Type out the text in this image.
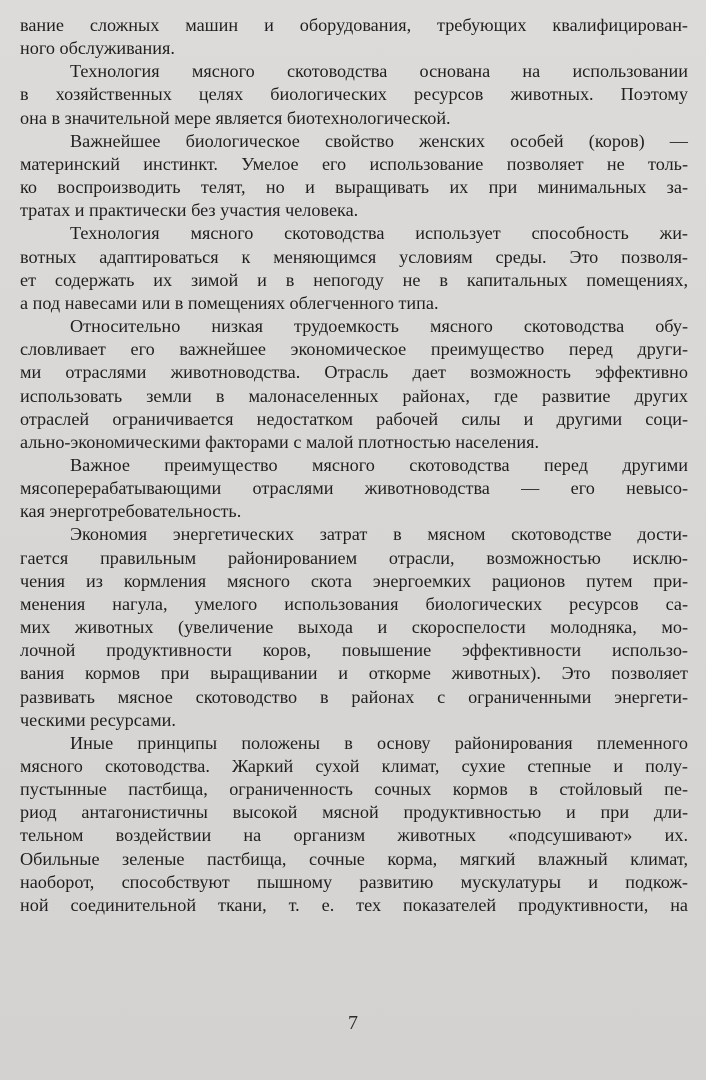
вание сложных машин и оборудования, требующих квалифицирован-
ного обслуживания.
Технология мясного скотоводства основана на использовании
в хозяйственных целях биологических ресурсов животных. Поэтому
она в значительной мере является биотехнологической.
Важнейшее биологическое свойство женских особей (коров) —
материнский инстинкт. Умелое его использование позволяет не толь-
ко воспроизводить телят, но и выращивать их при минимальных за-
тратах и практически без участия человека.
Технология мясного скотоводства использует способность жи-
вотных адаптироваться к меняющимся условиям среды. Это позволя-
ет содержать их зимой и в непогоду не в капитальных помещениях,
а под навесами или в помещениях облегченного типа.
Относительно низкая трудоемкость мясного скотоводства обу-
словливает его важнейшее экономическое преимущество перед други-
ми отраслями животноводства. Отрасль дает возможность эффективно
использовать земли в малонаселенных районах, где развитие других
отраслей ограничивается недостатком рабочей силы и другими соци-
ально-экономическими факторами с малой плотностью населения.
Важное преимущество мясного скотоводства перед другими
мясоперерабатывающими отраслями животноводства — его невысо-
кая энерготребовательность.
Экономия энергетических затрат в мясном скотоводстве дости-
гается правильным районированием отрасли, возможностью исклю-
чения из кормления мясного скота энергоемких рационов путем при-
менения нагула, умелого использования биологических ресурсов са-
мих животных (увеличение выхода и скороспелости молодняка, мо-
лочной продуктивности коров, повышение эффективности использо-
вания кормов при выращивании и откорме животных). Это позволяет
развивать мясное скотоводство в районах с ограниченными энергети-
ческими ресурсами.
Иные принципы положены в основу районирования племенного
мясного скотоводства. Жаркий сухой климат, сухие степные и полу-
пустынные пастбища, ограниченность сочных кормов в стойловый пе-
риод антагонистичны высокой мясной продуктивностью и при дли-
тельном воздействии на организм животных «подсушивают» их.
Обильные зеленые пастбища, сочные корма, мягкий влажный климат,
наоборот, способствуют пышному развитию мускулатуры и подкож-
ной соединительной ткани, т. е. тех показателей продуктивности, на
7
